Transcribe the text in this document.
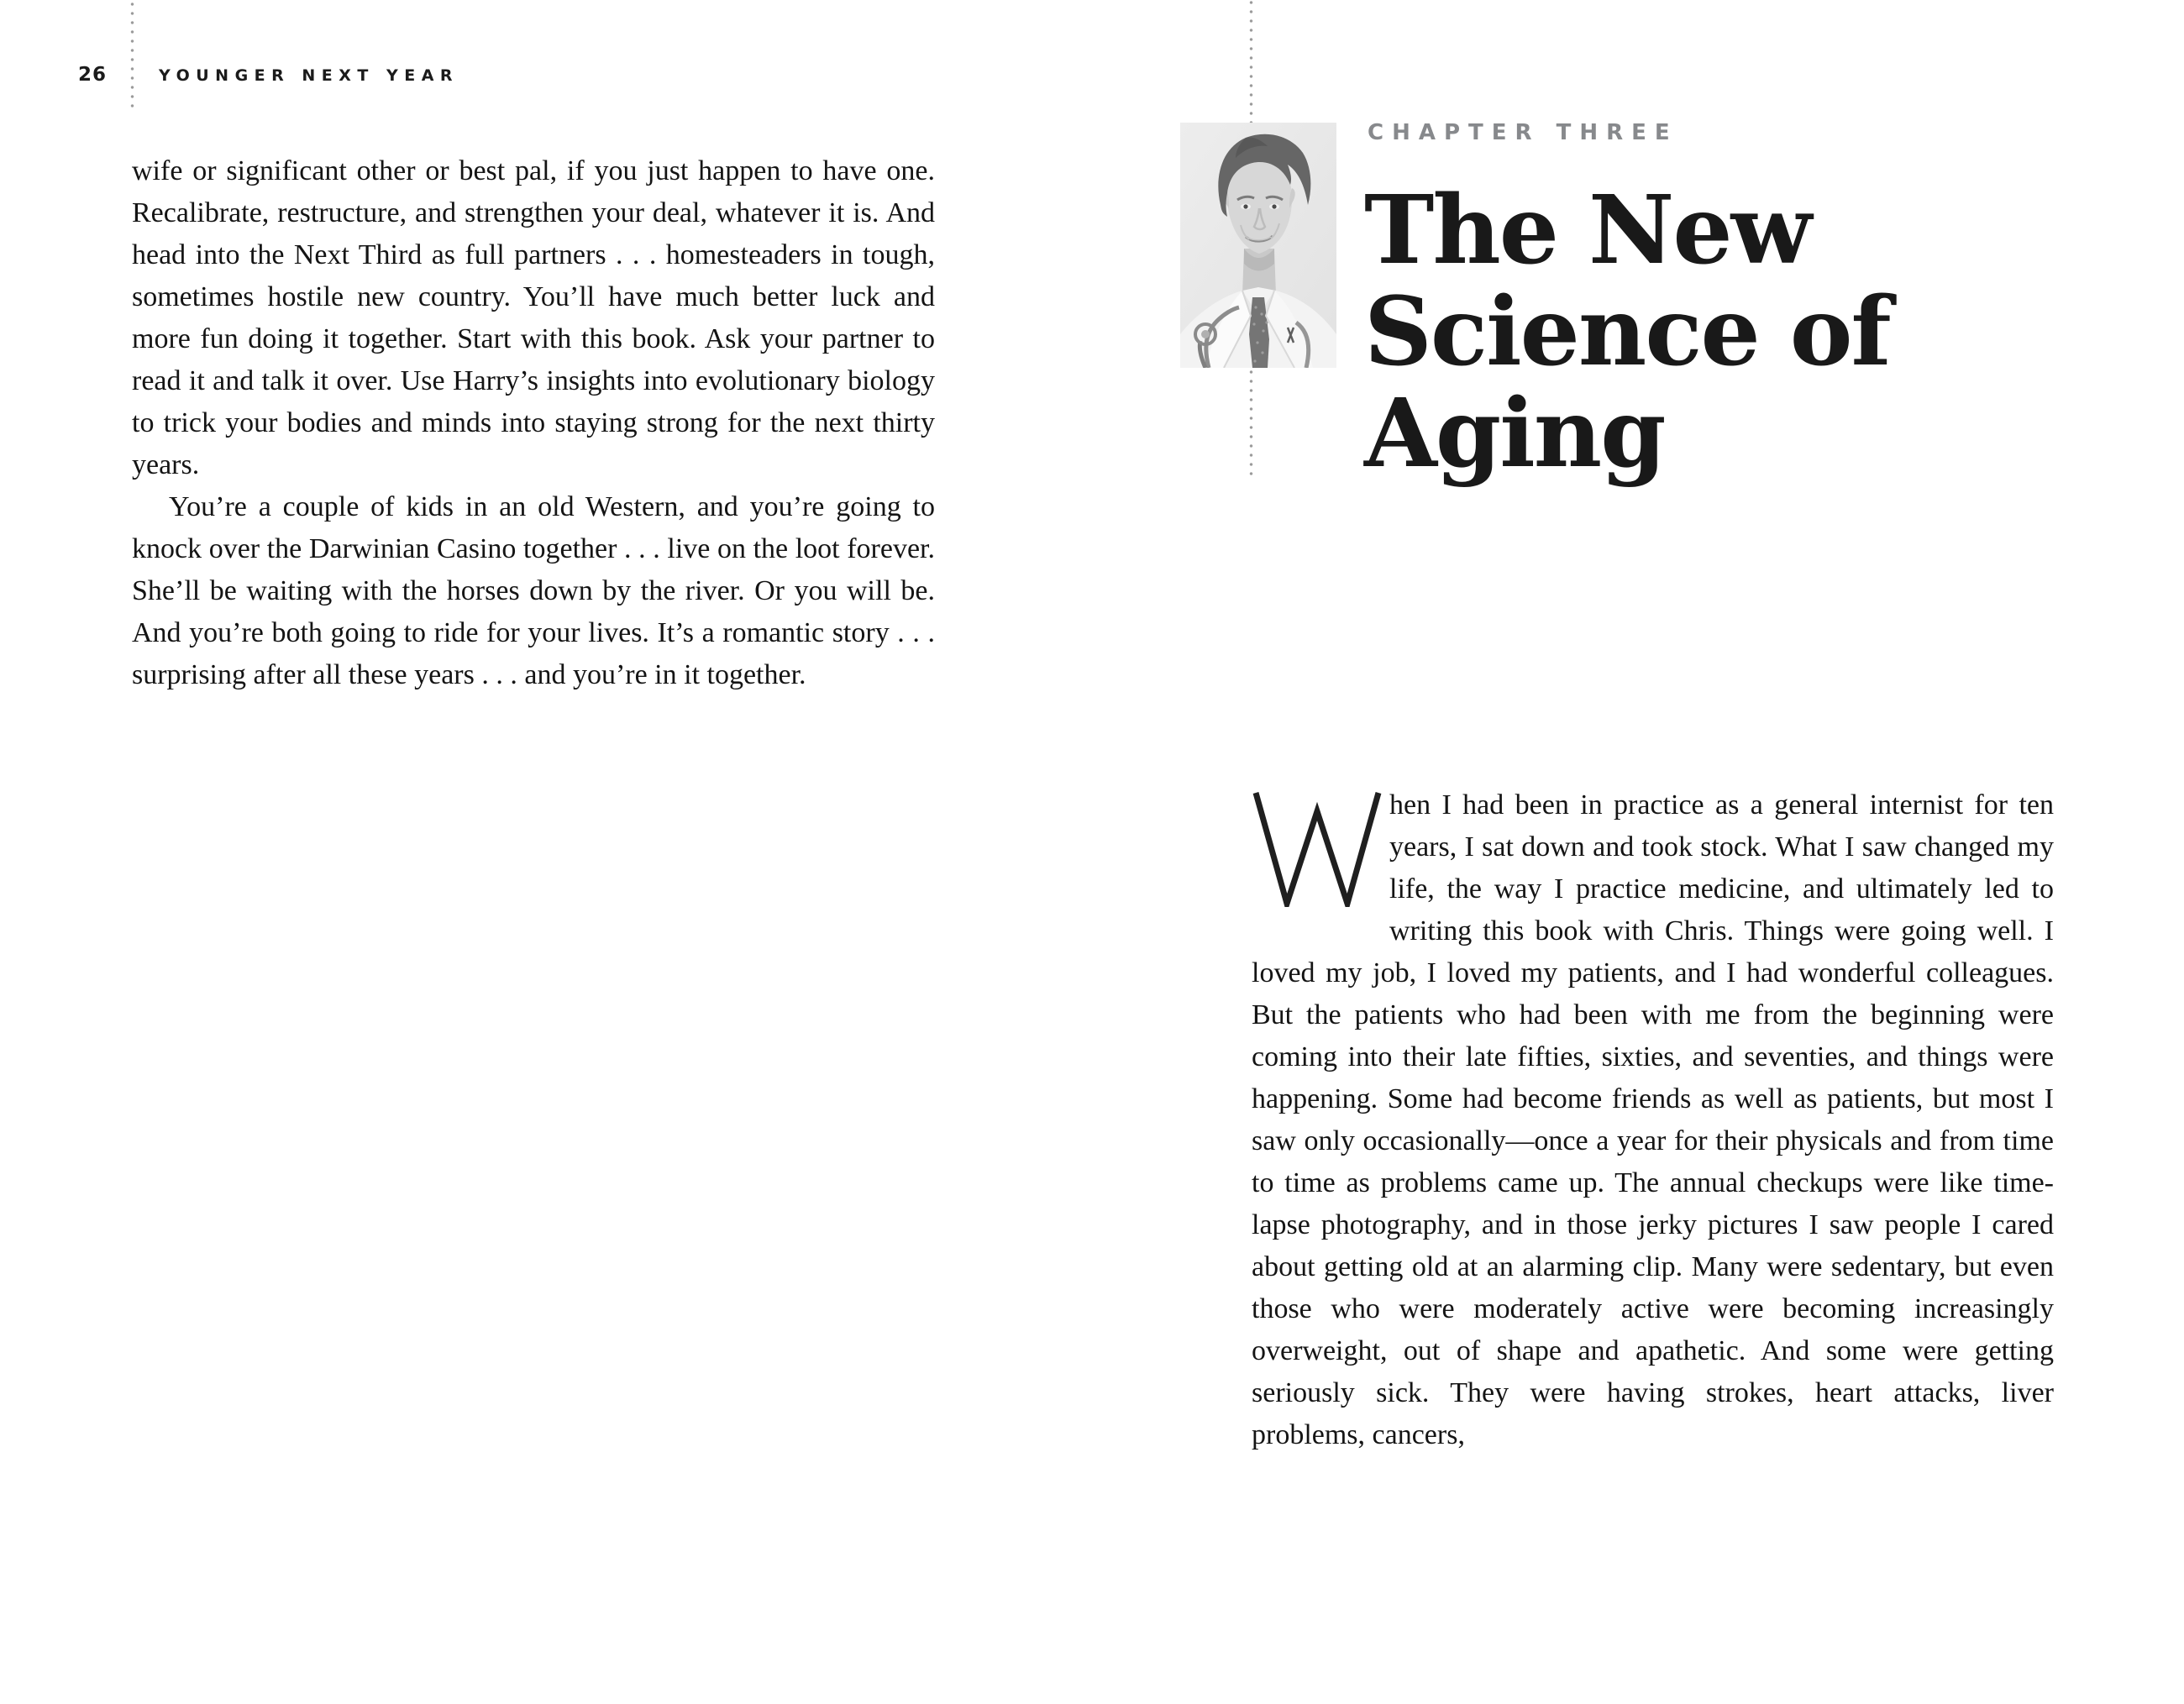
26	YOUNGER NEXT YEAR

wife or significant other or best pal, if you just happen to have one. Recalibrate, restructure, and strengthen your deal, whatever it is. And head into the Next Third as full partners . . . homesteaders in tough, sometimes hostile new country. You’ll have much better luck and more fun doing it together. Start with this book. Ask your partner to read it and talk it over. Use Harry’s insights into evolutionary biology to trick your bodies and minds into staying strong for the next thirty years.

You’re a couple of kids in an old Western, and you’re going to knock over the Darwinian Casino together . . . live on the loot forever. She’ll be waiting with the horses down by the river. Or you will be. And you’re both going to ride for your lives. It’s a romantic story . . . surprising after all these years . . . and you’re in it together.

CHAPTER THREE
The New
Science of
Aging

hen I had been in practice as a general internist for ten years, I sat down and took stock. What I saw changed my life, the way I practice medicine, and ultimately led to writing this book with Chris. Things were going well. I loved my job, I loved my patients, and I had wonderful colleagues. But the patients who had been with me from the beginning were coming into their late fifties, sixties, and seventies, and things were happening. Some had become friends as well as patients, but most I saw only occasionally—once a year for their physicals and from time to time as problems came up. The annual checkups were like time-lapse photography, and in those jerky pictures I saw people I cared about getting old at an alarming clip. Many were sedentary, but even those who were moderately active were becoming increasingly overweight, out of shape and apathetic. And some were getting seriously sick. They were having strokes, heart attacks, liver problems, cancers,
